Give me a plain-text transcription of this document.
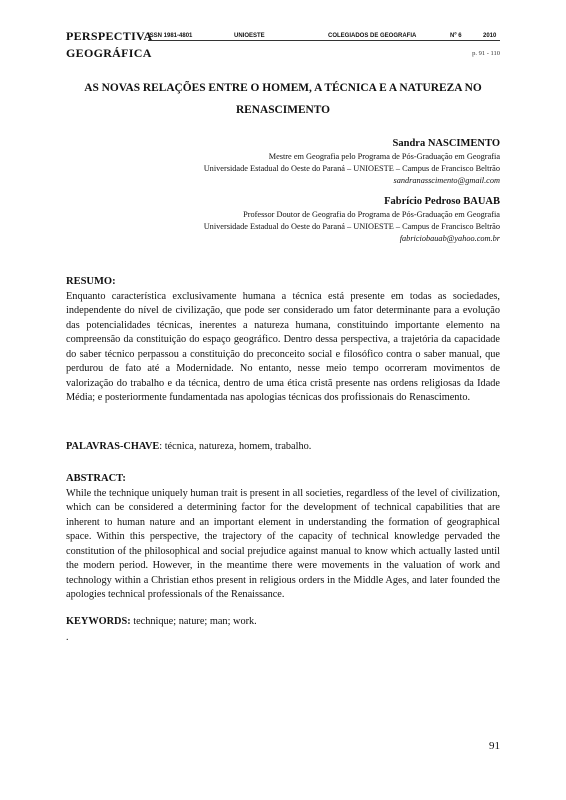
PERSPECTIVA
GEOGRÁFICA
ISSN 1981-4801	UNIOESTE	COLEGIADOS DE GEOGRAFIA	Nº 6	2010
p. 91 - 110
AS NOVAS RELAÇÕES ENTRE O HOMEM, A TÉCNICA E A NATUREZA NO
RENASCIMENTO
Sandra NASCIMENTO
Mestre em Geografia pelo Programa de Pós-Graduação em Geografia
Universidade Estadual do Oeste do Paraná – UNIOESTE – Campus de Francisco Beltrão
sandranasscimento@gmail.com
Fabrício Pedroso BAUAB
Professor Doutor de Geografia do Programa de Pós-Graduação em Geografia
Universidade Estadual do Oeste do Paraná – UNIOESTE – Campus de Francisco Beltrão
fabriciobauab@yahoo.com.br
RESUMO:

Enquanto característica exclusivamente humana a técnica está presente em todas as sociedades, independente do nível de civilização, que pode ser considerado um fator determinante para a evolução das potencialidades técnicas, inerentes a natureza humana, constituindo importante elemento na compreensão da constituição do espaço geográfico. Dentro dessa perspectiva, a trajetória da capacidade do saber técnico perpassou a constituição do preconceito social e filosófico contra o saber manual, que perdurou de fato até a Modernidade. No entanto, nesse meio tempo ocorreram movimentos de valorização do trabalho e da técnica, dentro de uma ética cristã presente nas ordens religiosas da Idade Média; e posteriormente fundamentada nas apologias técnicas dos profissionais do Renascimento.

PALAVRAS-CHAVE: técnica, natureza, homem, trabalho.
ABSTRACT:

While the technique uniquely human trait is present in all societies, regardless of the level of civilization, which can be considered a determining factor for the development of technical capabilities that are inherent to human nature and an important element in understanding the formation of geographical space. Within this perspective, the trajectory of the capacity of technical knowledge pervaded the constitution of the philosophical and social prejudice against manual to know which actually lasted until the modern period. However, in the meantime there were movements in the valuation of work and technology within a Christian ethos present in religious orders in the Middle Ages, and later founded the apologies technical professionals of the Renaissance.

KEYWORDS: technique; nature; man; work.
.
91
